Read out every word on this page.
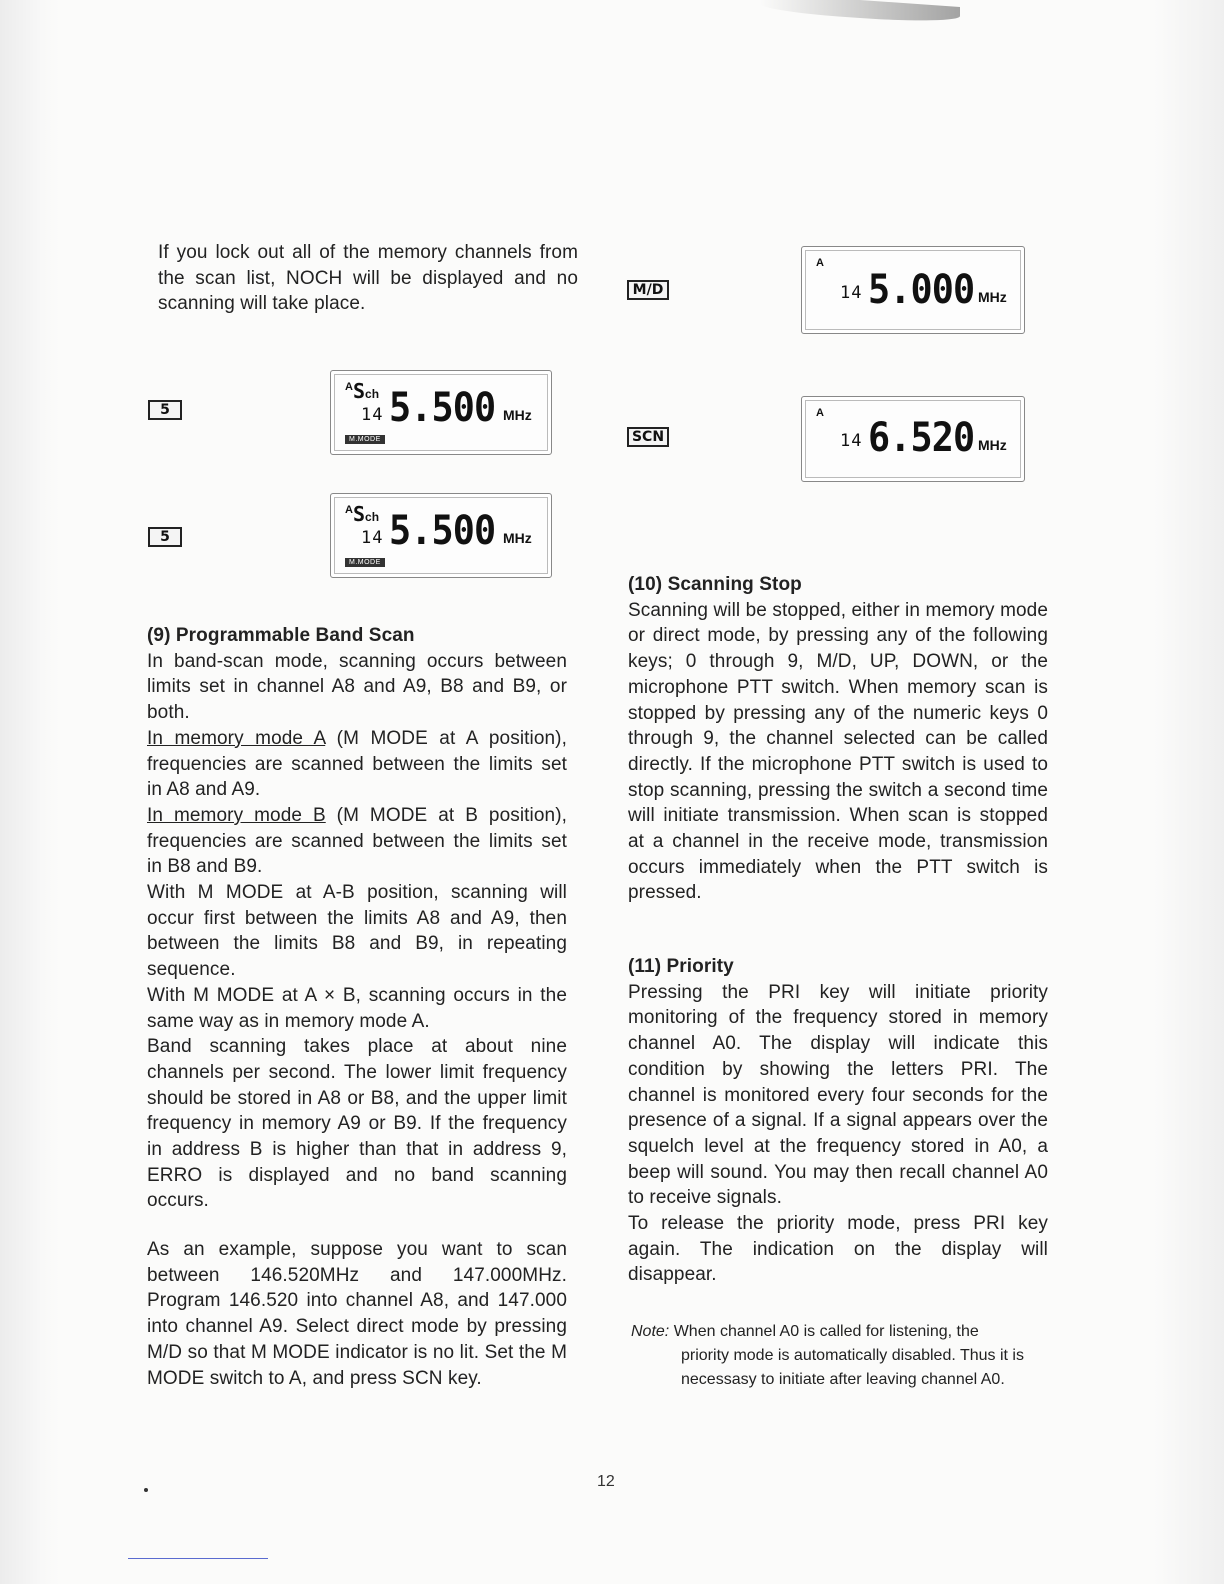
If you lock out all of the memory channels from the scan list, NOCH will be displayed and no scanning will take place.

5
5
M/D
SCN
A Sch
14 5.500 MHz
M.MODE
A Sch
14 5.500 MHz
M.MODE
A
14 5.000 MHz
A
14 6.520 MHz

(9) Programmable Band Scan

In band-scan mode, scanning occurs between limits set in channel A8 and A9, B8 and B9, or both.

In memory mode A (M MODE at A position), frequencies are scanned between the limits set in A8 and A9.

In memory mode B (M MODE at B position), frequencies are scanned between the limits set in B8 and B9.

With M MODE at A-B position, scanning will occur first between the limits A8 and A9, then between the limits B8 and B9, in repeating sequence.

With M MODE at A × B, scanning occurs in the same way as in memory mode A.

Band scanning takes place at about nine channels per second. The lower limit frequency should be stored in A8 or B8, and the upper limit frequency in memory A9 or B9. If the frequency in address B is higher than that in address 9, ERRO is displayed and no band scanning occurs.

As an example, suppose you want to scan between 146.520MHz and 147.000MHz. Program 146.520 into channel A8, and 147.000 into channel A9. Select direct mode by pressing M/D so that M MODE indicator is no lit. Set the M MODE switch to A, and press SCN key.

(10) Scanning Stop

Scanning will be stopped, either in memory mode or direct mode, by pressing any of the following keys; 0 through 9, M/D, UP, DOWN, or the microphone PTT switch. When memory scan is stopped by pressing any of the numeric keys 0 through 9, the channel selected can be called directly. If the microphone PTT switch is used to stop scanning, pressing the switch a second time will initiate transmission. When scan is stopped at a channel in the receive mode, transmission occurs immediately when the PTT switch is pressed.

(11) Priority

Pressing the PRI key will initiate priority monitoring of the frequency stored in memory channel A0. The display will indicate this condition by showing the letters PRI. The channel is monitored every four seconds for the presence of a signal. If a signal appears over the squelch level at the frequency stored in A0, a beep will sound. You may then recall channel A0 to receive signals.

To release the priority mode, press PRI key again. The indication on the display will disappear.

Note: When channel A0 is called for listening, the
priority mode is automatically disabled. Thus it is necessasy to initiate after leaving channel A0.
12
